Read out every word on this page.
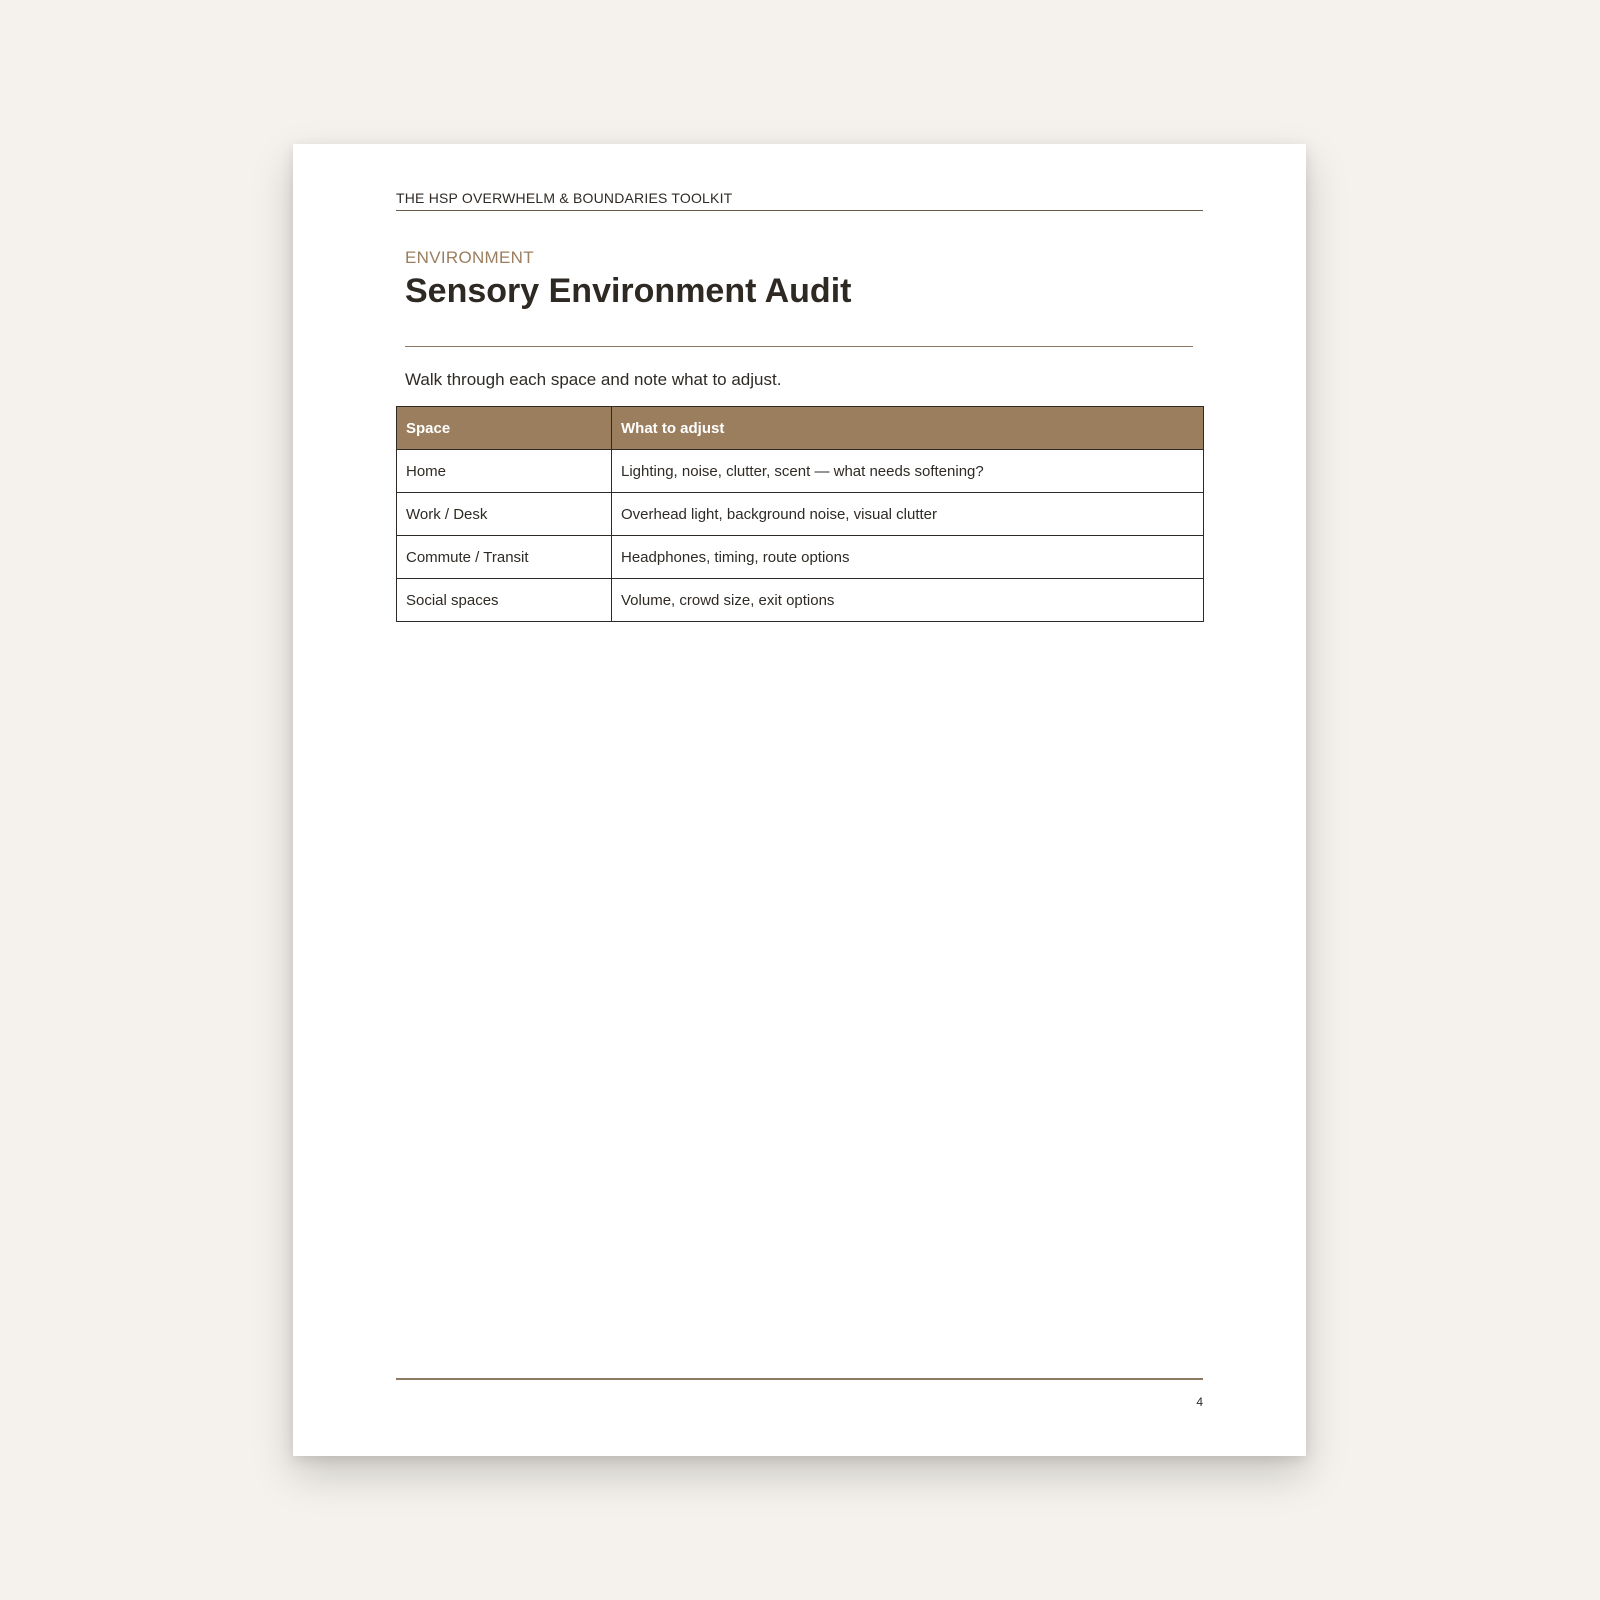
THE HSP OVERWHELM & BOUNDARIES TOOLKIT
ENVIRONMENT
Sensory Environment Audit
Walk through each space and note what to adjust.
Space	What to adjust
Home	Lighting, noise, clutter, scent — what needs softening?
Work / Desk	Overhead light, background noise, visual clutter
Commute / Transit	Headphones, timing, route options
Social spaces	Volume, crowd size, exit options
4
